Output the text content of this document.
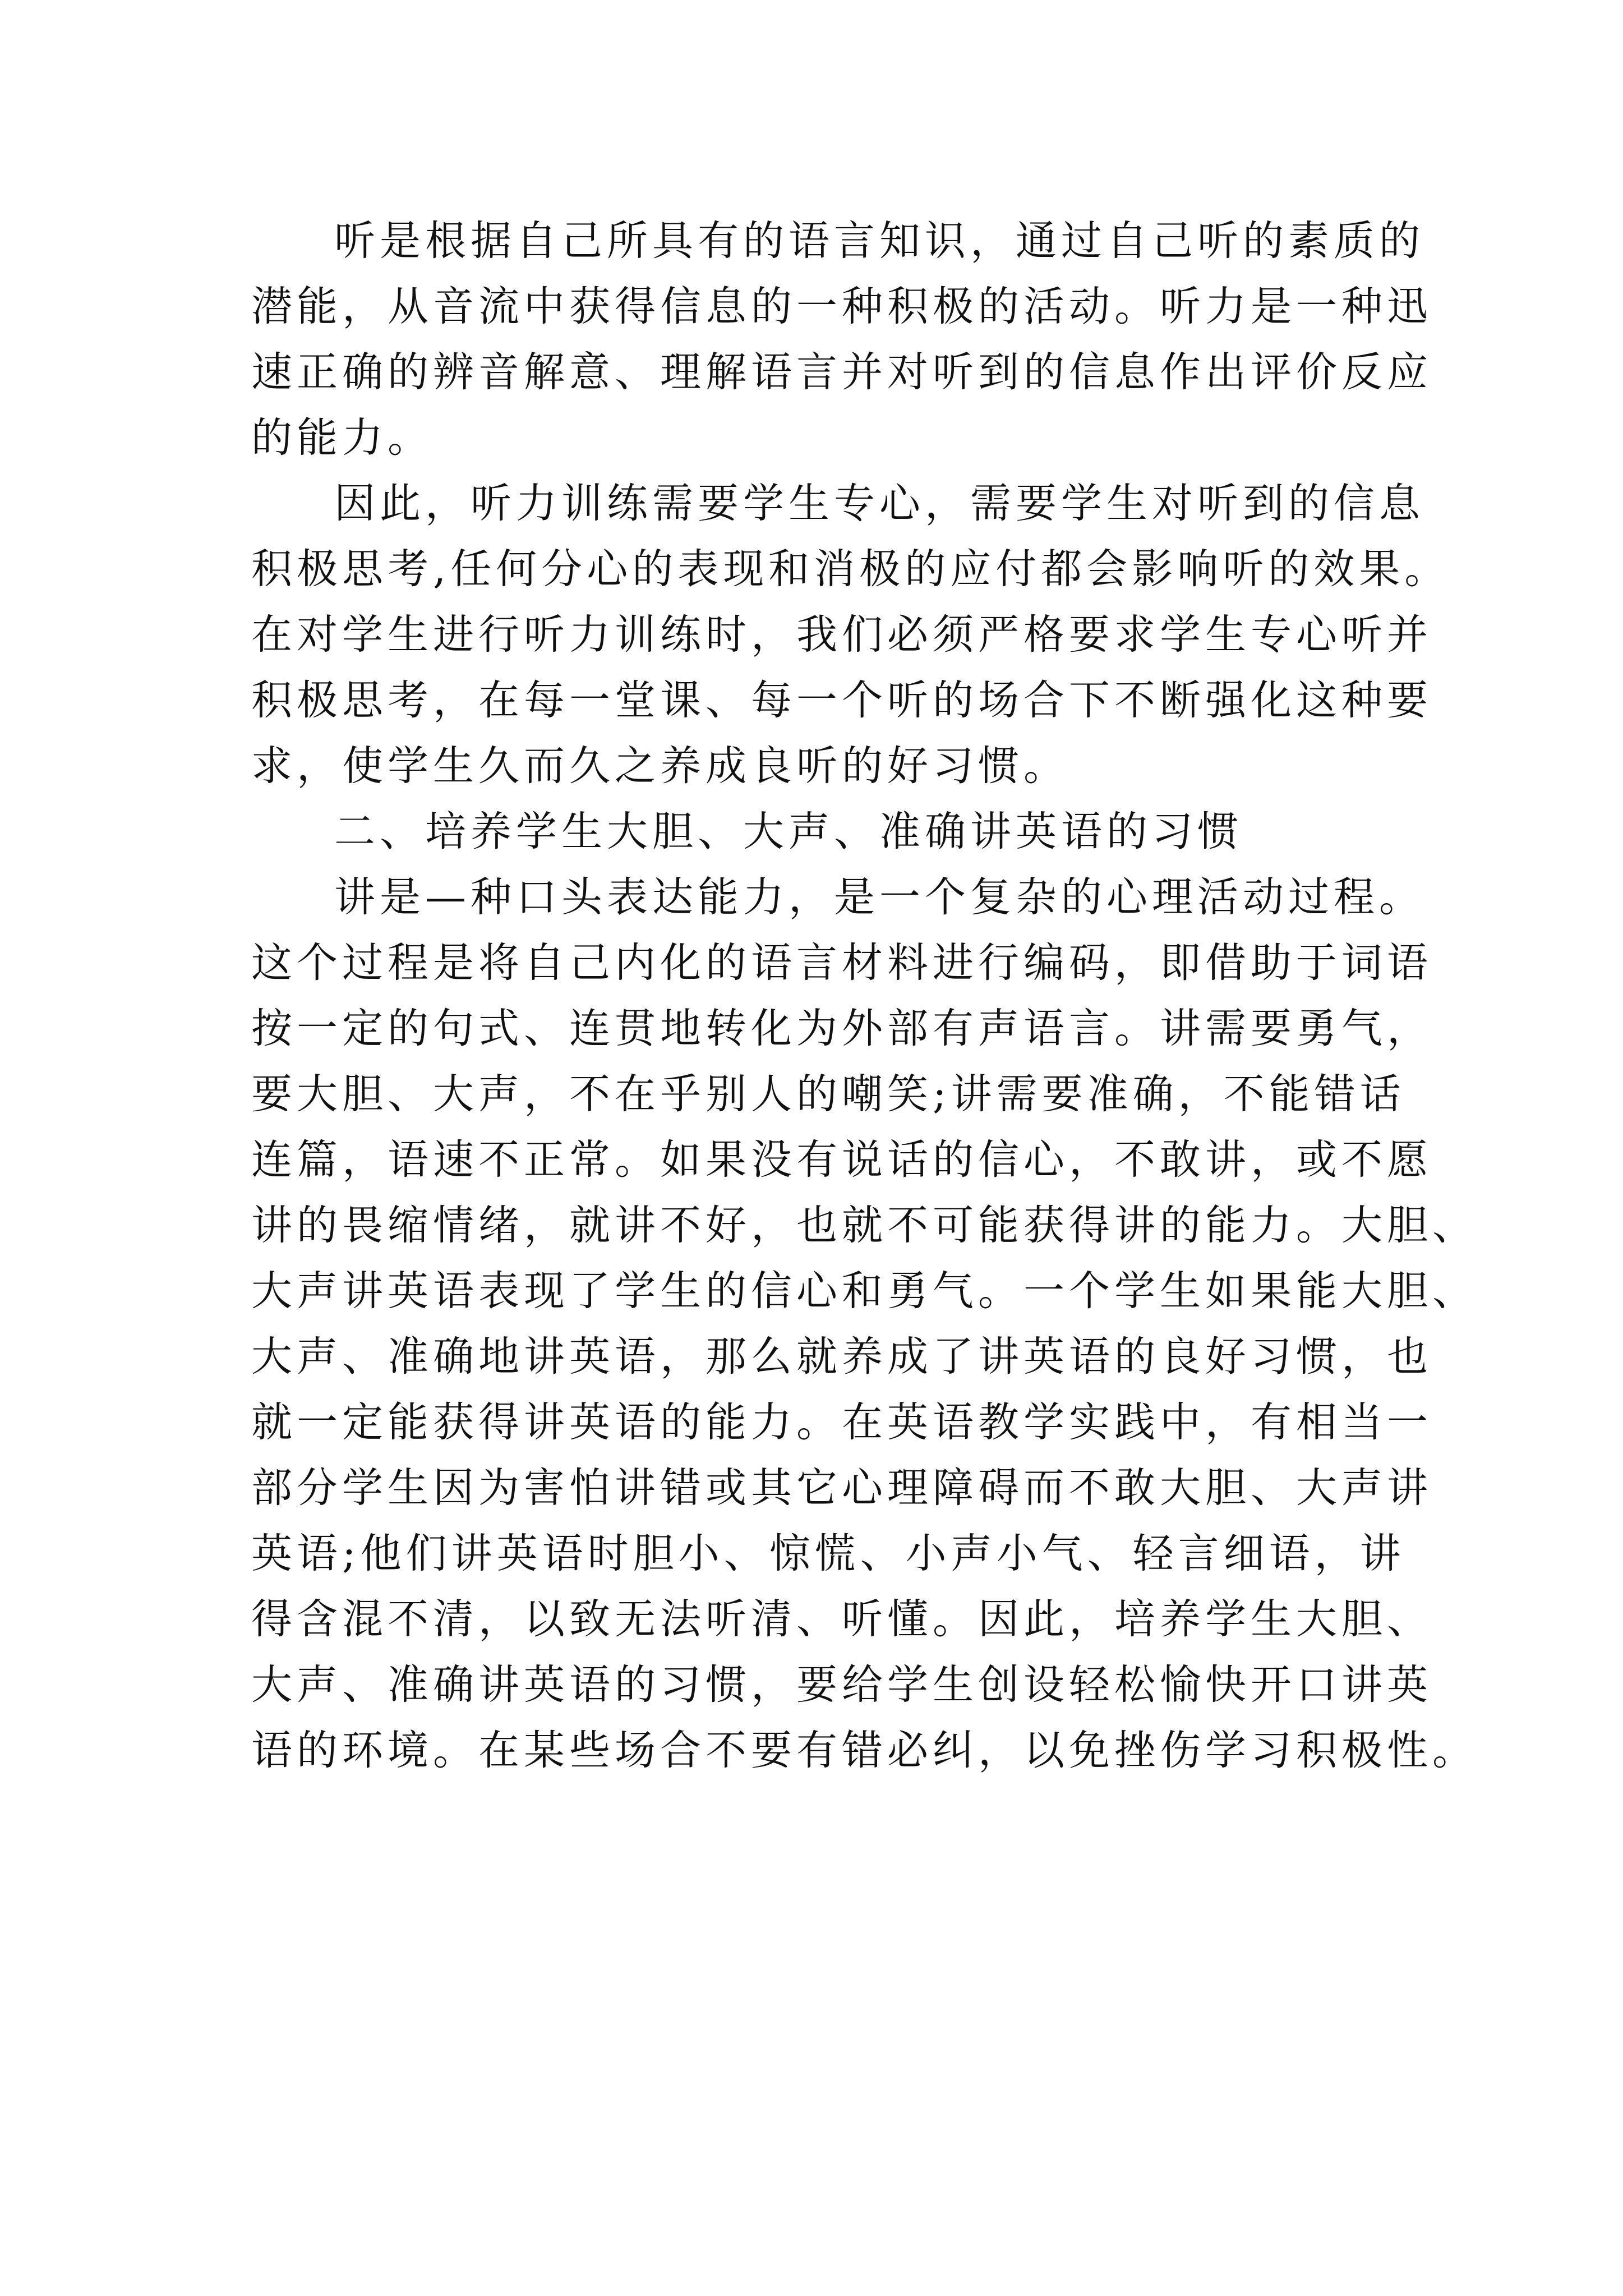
听是根据自己所具有的语言知识，通过自己听的素质的
潜能，从音流中获得信息的一种积极的活动。听力是一种迅
速正确的辨音解意、理解语言并对听到的信息作出评价反应
的能力。
因此，听力训练需要学生专心，需要学生对听到的信息
积极思考,任何分心的表现和消极的应付都会影响听的效果。
在对学生进行听力训练时，我们必须严格要求学生专心听并
积极思考，在每一堂课、每一个听的场合下不断强化这种要
求，使学生久而久之养成良听的好习惯。
二、培养学生大胆、大声、准确讲英语的习惯
讲是—种口头表达能力，是一个复杂的心理活动过程。
这个过程是将自己内化的语言材料进行编码，即借助于词语
按一定的句式、连贯地转化为外部有声语言。讲需要勇气，
要大胆、大声，不在乎别人的嘲笑;讲需要准确，不能错话
连篇，语速不正常。如果没有说话的信心，不敢讲，或不愿
讲的畏缩情绪，就讲不好，也就不可能获得讲的能力。大胆、
大声讲英语表现了学生的信心和勇气。一个学生如果能大胆、
大声、准确地讲英语，那么就养成了讲英语的良好习惯，也
就一定能获得讲英语的能力。在英语教学实践中，有相当一
部分学生因为害怕讲错或其它心理障碍而不敢大胆、大声讲
英语;他们讲英语时胆小、惊慌、小声小气、轻言细语，讲
得含混不清，以致无法听清、听懂。因此，培养学生大胆、
大声、准确讲英语的习惯，要给学生创设轻松愉快开口讲英
语的环境。在某些场合不要有错必纠，以免挫伤学习积极性。
